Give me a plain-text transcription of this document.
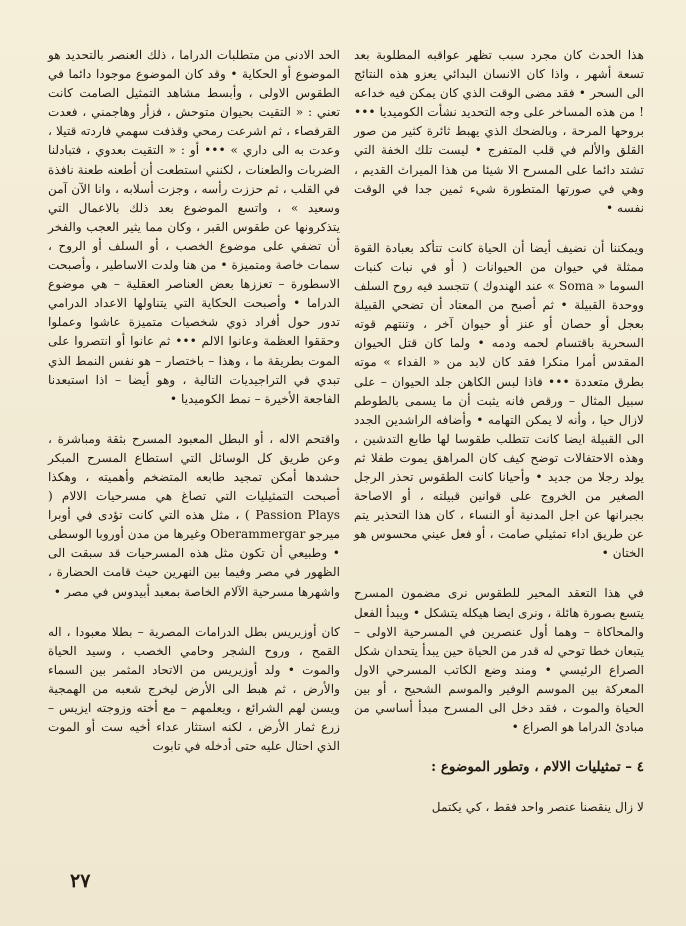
هذا الحدث كان مجرد سبب تظهر عواقبه المطلوبة بعد تسعة أشهر ، واذا كان الانسان البدائي يعزو هذه النتائج الى السحر • فقد مضى الوقت الذي كان يمكن فيه خداعه ! من هذه المساخر على وجه التحديد نشأت الكوميديا ••• بروحها المرحة ، وبالضحك الذي يهبط ثائرة كثير من صور القلق والألم في قلب المتفرج • ليست تلك الخفة التي تشتد دائما على المسرح الا شيئا من هذا الميراث القديم ، وهي في صورتها المتطورة شيء ثمين جدا في الوقت نفسه •

ويمكننا أن نضيف أيضا أن الحياة كانت تتأكد بعبادة القوة ممثلة في حيوان من الحيوانات ( أو في نبات كنبات السوما « Soma » عند الهندوك ) تتجسد فيه روح السلف ووحدة القبيلة • ثم أصبح من المعتاد أن تضحي القبيلة بعجل أو حصان أو عنز أو حيوان آخر ، وتنتهم قوته السحرية باقتسام لحمه ودمه • ولما كان قتل الحيوان المقدس أمرا منكرا فقد كان لابد من « الفداء » موته بطرق متعددة ••• فاذا لبس الكاهن جلد الحيوان – على سبيل المثال – ورقص فانه يثبت أن ما يسمى بالطوطم لازال حيا ، وأنه لا يمكن التهامه • وأضافه الراشدين الجدد الى القبيلة ايضا كانت تتطلب طقوسا لها طابع التدشين ، وهذه الاحتفالات توضح كيف كان المراهق يموت طفلا ثم يولد رجلا من جديد • وأحيانا كانت الطقوس تحذر الرجل الصغير من الخروج على قوانين قبيلته ، أو الاصاحة بجبرانها عن اجل المدنية أو النساء ، كان هذا التحذير يتم عن طريق اداء تمثيلي صامت ، أو فعل عيني محسوس هو الختان •

في هذا التعقد المحير للطقوس نرى مضمون المسرح يتسع بصورة هائلة ، ونرى ايضا هيكله يتشكل • ويبدأ الفعل والمحاكاة – وهما أول عنصرين في المسرحية الاولى – يتبعان خطا توحي له قدر من الحياة حين يبدأ يتحدان شكل الصراع الرئيسي • ومند وضع الكاتب المسرحي الاول المعركة بين الموسم الوفير والموسم الشحيح ، أو بين الحياة والموت ، فقد دخل الى المسرح مبدأ أساسي من مبادئ الدراما هو الصراع •

٤ – تمثيليات الالام ، وتطور الموضوع :

لا زال ينقصنا عنصر واحد فقط ، كي يكتمل

الحد الادنى من متطلبات الدراما ، ذلك العنصر بالتحديد هو الموضوع أو الحكاية • وقد كان الموضوع موجودا دائما في الطقوس الاولى ، وأبسط مشاهد التمثيل الصامت كانت تعني : « التقيت بحيوان متوحش ، فزأر وهاجمني ، فعدت القرفصاء ، ثم اشرعت رمحي وقذفت سهمي فاردته قتيلا ، وعدت به الى داري » ••• أو : « التقيت بعدوي ، فتبادلنا الضربات والطعنات ، لكنني استطعت أن أطعنه طعنة نافذة في القلب ، ثم حززت رأسه ، وجزت أسلابه ، وانا الآن آمن وسعيد » ، واتسع الموضوع بعد ذلك بالاعمال التي يتذكرونها عن طقوس القبر ، وكان مما يثير العجب والفخر أن تضفي على موضوع الخصب ، أو السلف أو الروح ، سمات خاصة ومتميزة • من هنا ولدت الاساطير ، وأصبحت الاسطورة – تعززها بعض العناصر العقلية – هي موضوع الدراما • وأصبحت الحكاية التي يتناولها الاعداد الدرامي تدور حول أفراد ذوي شخصيات متميزة عاشوا وعملوا وحققوا العظمة وعانوا الالم ••• ثم عانوا أو انتصروا على الموت بطريقة ما ، وهذا – باختصار – هو نفس النمط الذي تبدي في التراجيديات التالية ، وهو أيضا – اذا استبعدنا الفاجعة الأخيرة – نمط الكوميديا •

واقتحم الاله ، أو البطل المعبود المسرح بثقة ومباشرة ، وعن طريق كل الوسائل التي استطاع المسرح المبكر حشدها أمكن تمجيد طابعه المتضخم وأهميته ، وهكذا أصبحت التمثيليات التي تصاغ هي مسرحيات الالام ( Passion Plays ) ، مثل هذه التي كانت تؤدى في أوبرا ميرجو Oberammergar وغيرها من مدن أوروبا الوسطى • وطبيعي أن تكون مثل هذه المسرحيات قد سبقت الى الظهور في مصر وفيما بين النهرين حيث قامت الحضارة ، واشهرها مسرحية الآلام الخاصة بمعبد أبيدوس في مصر •

كان أوزيريس بطل الدرامات المصرية – بطلا معبودا ، اله القمح ، وروح الشجر وحامي الخصب ، وسيد الحياة والموت • ولد أوزيريس من الاتحاد المثمر بين السماء والأرض ، ثم هبط الى الأرض ليخرج شعبه من الهمجية ويسن لهم الشرائع ، ويعلمهم – مع أخته وزوجته ايزيس – زرع ثمار الأرض ، لكنه استثار عداء أخيه ست أو الموت الذي احتال عليه حتى أدخله في تابوت

٢٧
